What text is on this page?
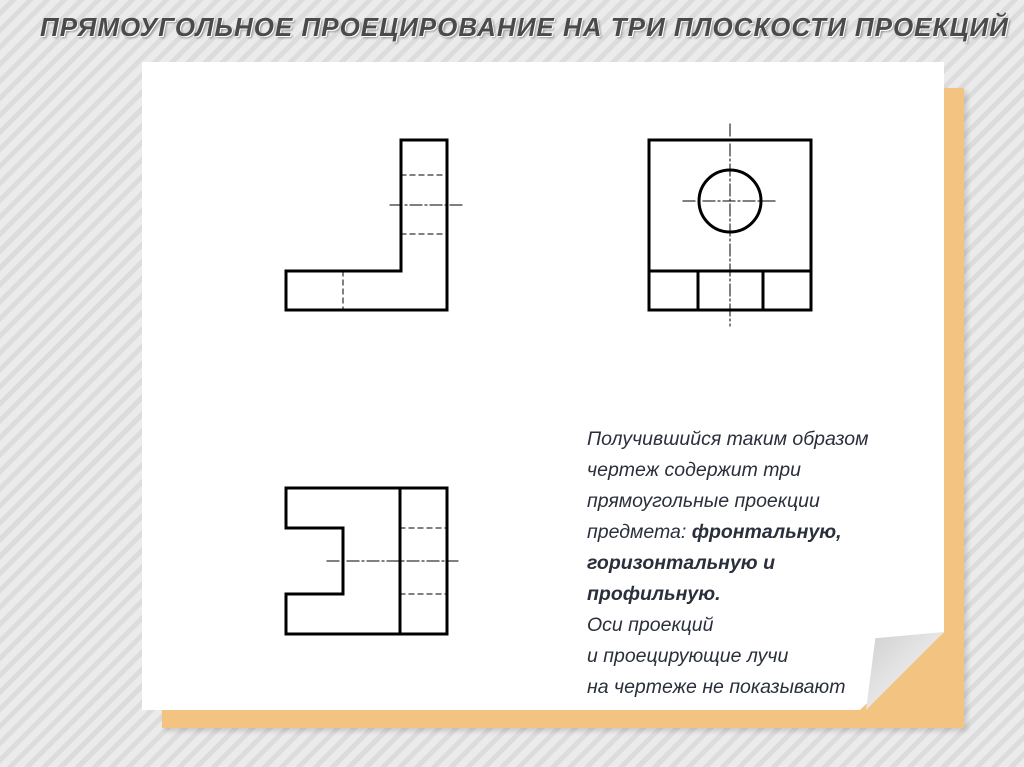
ПРЯМОУГОЛЬНОЕ ПРОЕЦИРОВАНИЕ НА ТРИ ПЛОСКОСТИ ПРОЕКЦИЙ
Получившийся таким образом
чертеж содержит три
прямоугольные проекции
предмета: фронтальную,
горизонтальную и
профильную.
Оси проекций
и проецирующие лучи
на чертеже не показывают
